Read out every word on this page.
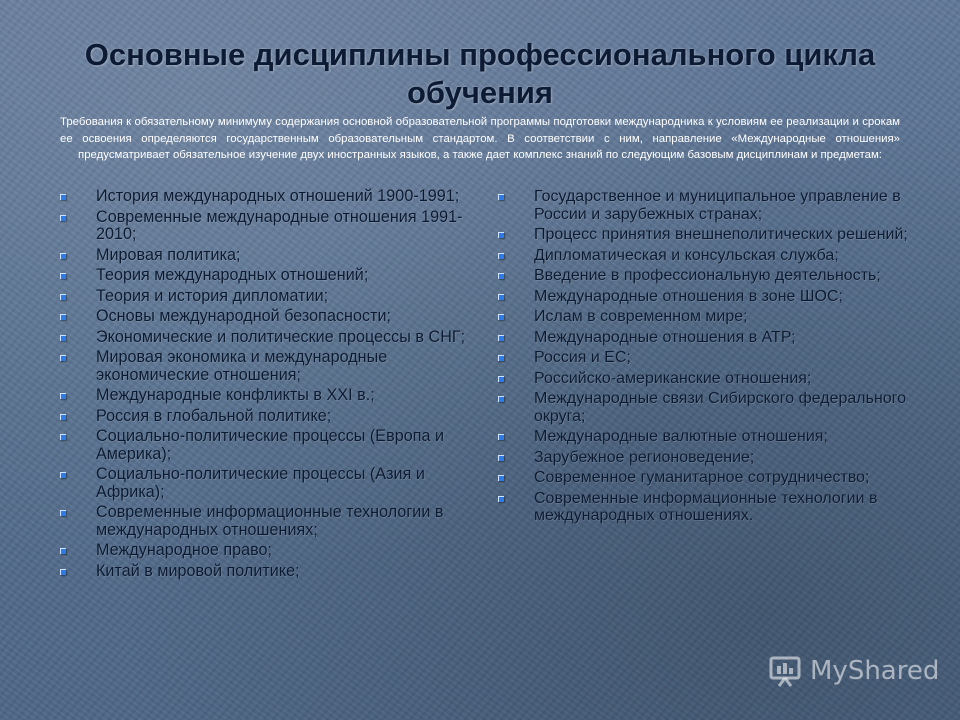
Основные дисциплины профессионального цикла обучения
Требования к обязательному минимуму содержания основной образовательной программы подготовки международника к условиям ее реализации и срокам ее освоения определяются государственным образовательным стандартом. В соответствии с ним, направление «Международные отношения» предусматривает обязательное изучение двух иностранных языков, а также дает комплекс знаний по следующим базовым дисциплинам и предметам:
История международных отношений 1900-1991;
Современные международные отношения 1991-2010;
Мировая политика;
Теория международных отношений;
Теория и история дипломатии;
Основы международной безопасности;
Экономические и политические процессы в СНГ;
Мировая экономика и международные экономические отношения;
Международные конфликты в XXI в.;
Россия в глобальной политике;
Социально-политические процессы (Европа и Америка);
Социально-политические процессы (Азия и Африка);
Современные информационные технологии в международных отношениях;
Международное право;
Китай в мировой политике;
Государственное и муниципальное управление в России и зарубежных странах;
Процесс принятия внешнеполитических решений;
Дипломатическая и консульская служба;
Введение в профессиональную деятельность;
Международные отношения в зоне ШОС;
Ислам в современном мире;
Международные отношения в АТР;
Россия и ЕС;
Российско-американские отношения;
Международные связи Сибирского федерального округа;
Международные валютные отношения;
Зарубежное регионоведение;
Современное гуманитарное сотрудничество;
Современные информационные технологии в международных отношениях.
MyShared
